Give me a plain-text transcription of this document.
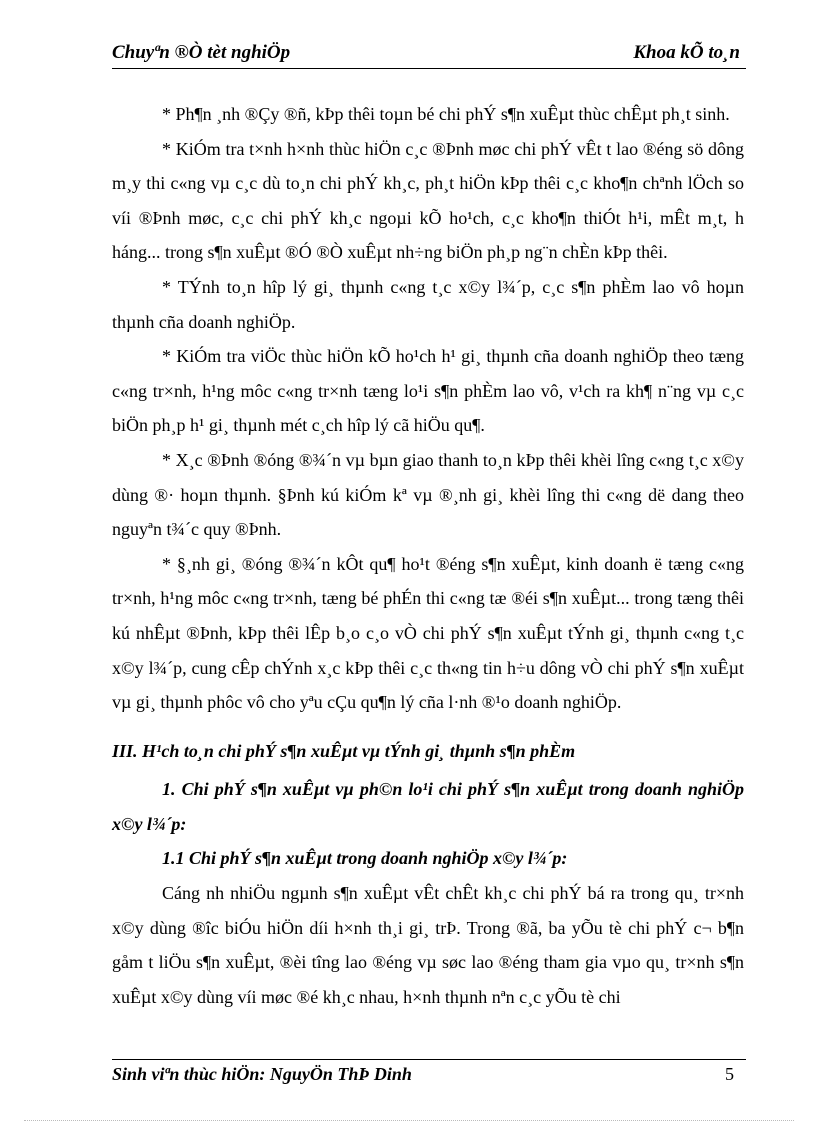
Chuyªn ®Ò tèt nghiÖp	Khoa kÕ to¸n

* Ph¶n ¸nh ®Çy ®ñ, kÞp thêi toµn bé chi phÝ s¶n xuÊµt thùc chÊµt ph¸t sinh.

* KiÓm tra t×nh h×nh thùc hiÖn c¸c ®Þnh møc chi phÝ vÊt t lao ®éng sö dông m¸y thi c«ng vµ c¸c dù to¸n chi phÝ kh¸c, ph¸t hiÖn kÞp thêi c¸c kho¶n chªnh lÖch so víi ®Þnh møc, c¸c chi phÝ kh¸c ngoµi kÕ ho¹ch, c¸c kho¶n thiÓt h¹i, mÊt m¸t, h háng... trong s¶n xuÊµt ®Ó ®Ò xuÊµt nh÷ng biÖn ph¸p ng¨n chÈn kÞp thêi.

* TÝnh to¸n hîp lý gi¸ thµnh c«ng t¸c x©y l¾´p, c¸c s¶n phÈm lao vô hoµn thµnh cña doanh nghiÖp.

* KiÓm tra viÖc thùc hiÖn kÕ ho¹ch h¹ gi¸ thµnh cña doanh nghiÖp theo tæng c«ng tr×nh, h¹ng môc c«ng tr×nh tæng lo¹i s¶n phÈm lao vô, v¹ch ra kh¶ n¨ng vµ c¸c biÖn ph¸p h¹ gi¸ thµnh mét c¸ch hîp lý cã hiÖu qu¶.

* X¸c ®Þnh ®óng ®¾´n vµ bµn giao thanh to¸n kÞp thêi khèi lîng c«ng t¸c x©y dùng ®· hoµn thµnh. §Þnh kú kiÓm kª vµ ®¸nh gi¸ khèi lîng thi c«ng dë dang theo nguyªn t¾´c quy ®Þnh.

* §¸nh gi¸ ®óng ®¾´n kÔt qu¶ ho¹t ®éng s¶n xuÊµt, kinh doanh ë tæng c«ng tr×nh, h¹ng môc c«ng tr×nh, tæng bé phÉn thi c«ng tæ ®éi s¶n xuÊµt... trong tæng thêi kú nhÊµt ®Þnh, kÞp thêi lÊp b¸o c¸o vÒ chi phÝ s¶n xuÊµt tÝnh gi¸ thµnh c«ng t¸c x©y l¾´p, cung cÊp chÝnh x¸c kÞp thêi c¸c th«ng tin h÷u dông vÒ chi phÝ s¶n xuÊµt vµ gi¸ thµnh phôc vô cho yªu cÇu qu¶n lý cña l·nh ®¹o doanh nghiÖp.

III. H¹ch to¸n chi phÝ s¶n xuÊµt vµ tÝnh gi¸ thµnh s¶n phÈm

1. Chi phÝ s¶n xuÊµt vµ ph©n lo¹i chi phÝ s¶n xuÊµt trong doanh nghiÖp x©y l¾´p:

1.1 Chi phÝ s¶n xuÊµt trong doanh nghiÖp x©y l¾´p:

Cáng nh nhiÖu ngµnh s¶n xuÊµt vÊt chÊt kh¸c chi phÝ bá ra trong qu¸ tr×nh x©y dùng ®îc biÓu hiÖn díi h×nh th¸i gi¸ trÞ. Trong ®ã, ba yÕu tè chi phÝ c¬ b¶n gåm t liÖu s¶n xuÊµt, ®èi tîng lao ®éng vµ søc lao ®éng tham gia vµo qu¸ tr×nh s¶n xuÊµt x©y dùng víi møc ®é kh¸c nhau, h×nh thµnh nªn c¸c yÕu tè chi

Sinh viªn thùc hiÖn: NguyÖn ThÞ Dinh	5
